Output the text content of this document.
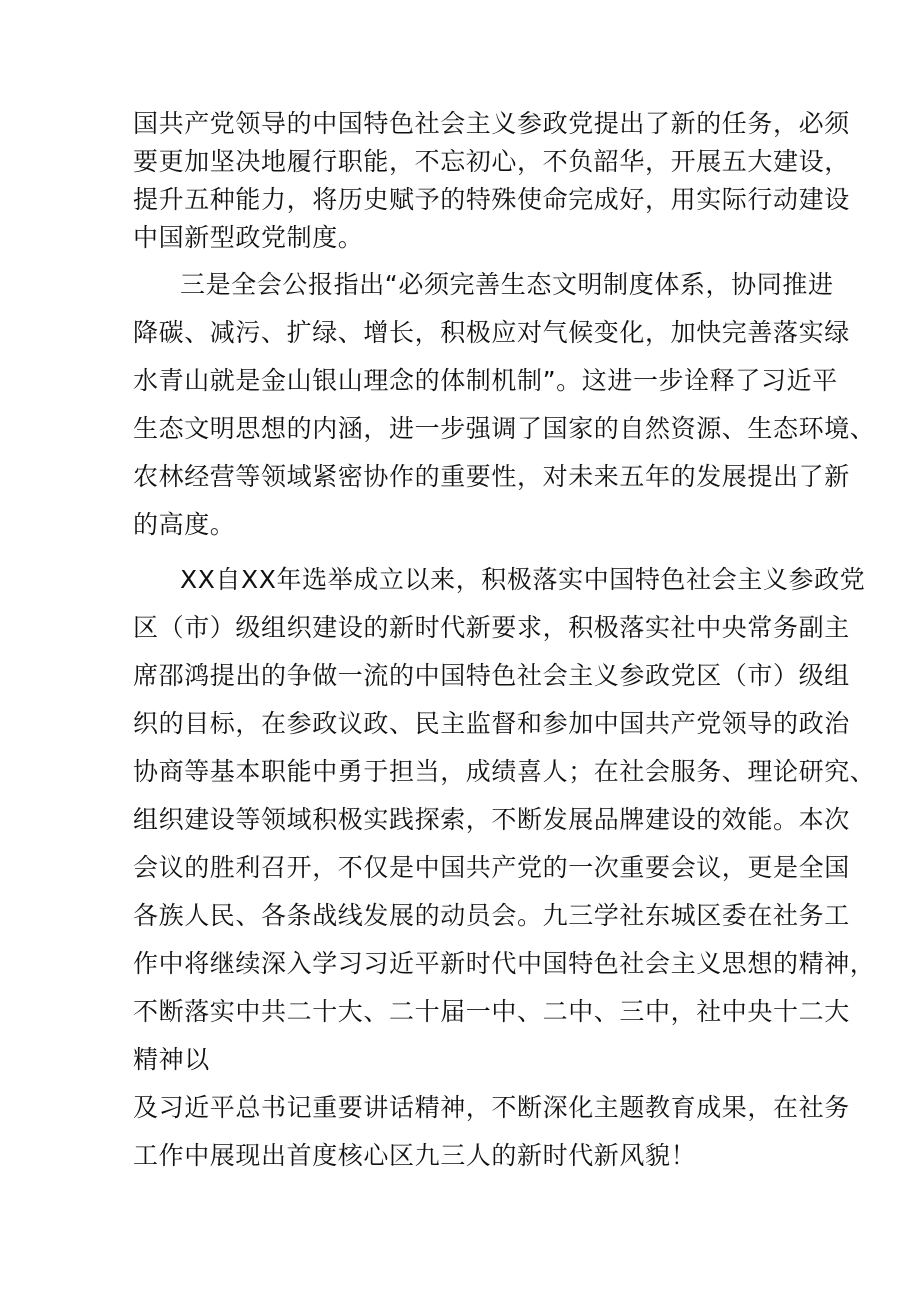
国共产党领导的中国特色社会主义参政党提出了新的任务，必须
要更加坚决地履行职能，不忘初心，不负韶华，开展五大建设，
提升五种能力，将历史赋予的特殊使命完成好，用实际行动建设
中国新型政党制度。
三是全会公报指出“必须完善生态文明制度体系，协同推进
降碳、减污、扩绿、增长，积极应对气候变化，加快完善落实绿
水青山就是金山银山理念的体制机制”。这进一步诠释了习近平
生态文明思想的内涵，进一步强调了国家的自然资源、生态环境、
农林经营等领域紧密协作的重要性，对未来五年的发展提出了新
的高度。
XX自XX年选举成立以来，积极落实中国特色社会主义参政党
区（市）级组织建设的新时代新要求，积极落实社中央常务副主
席邵鸿提出的争做一流的中国特色社会主义参政党区（市）级组
织的目标，在参政议政、民主监督和参加中国共产党领导的政治
协商等基本职能中勇于担当，成绩喜人；在社会服务、理论研究、
组织建设等领域积极实践探索，不断发展品牌建设的效能。本次
会议的胜利召开，不仅是中国共产党的一次重要会议，更是全国
各族人民、各条战线发展的动员会。九三学社东城区委在社务工
作中将继续深入学习习近平新时代中国特色社会主义思想的精神，
不断落实中共二十大、二十届一中、二中、三中，社中央十二大
精神以
及习近平总书记重要讲话精神，不断深化主题教育成果，在社务
工作中展现出首度核心区九三人的新时代新风貌！
